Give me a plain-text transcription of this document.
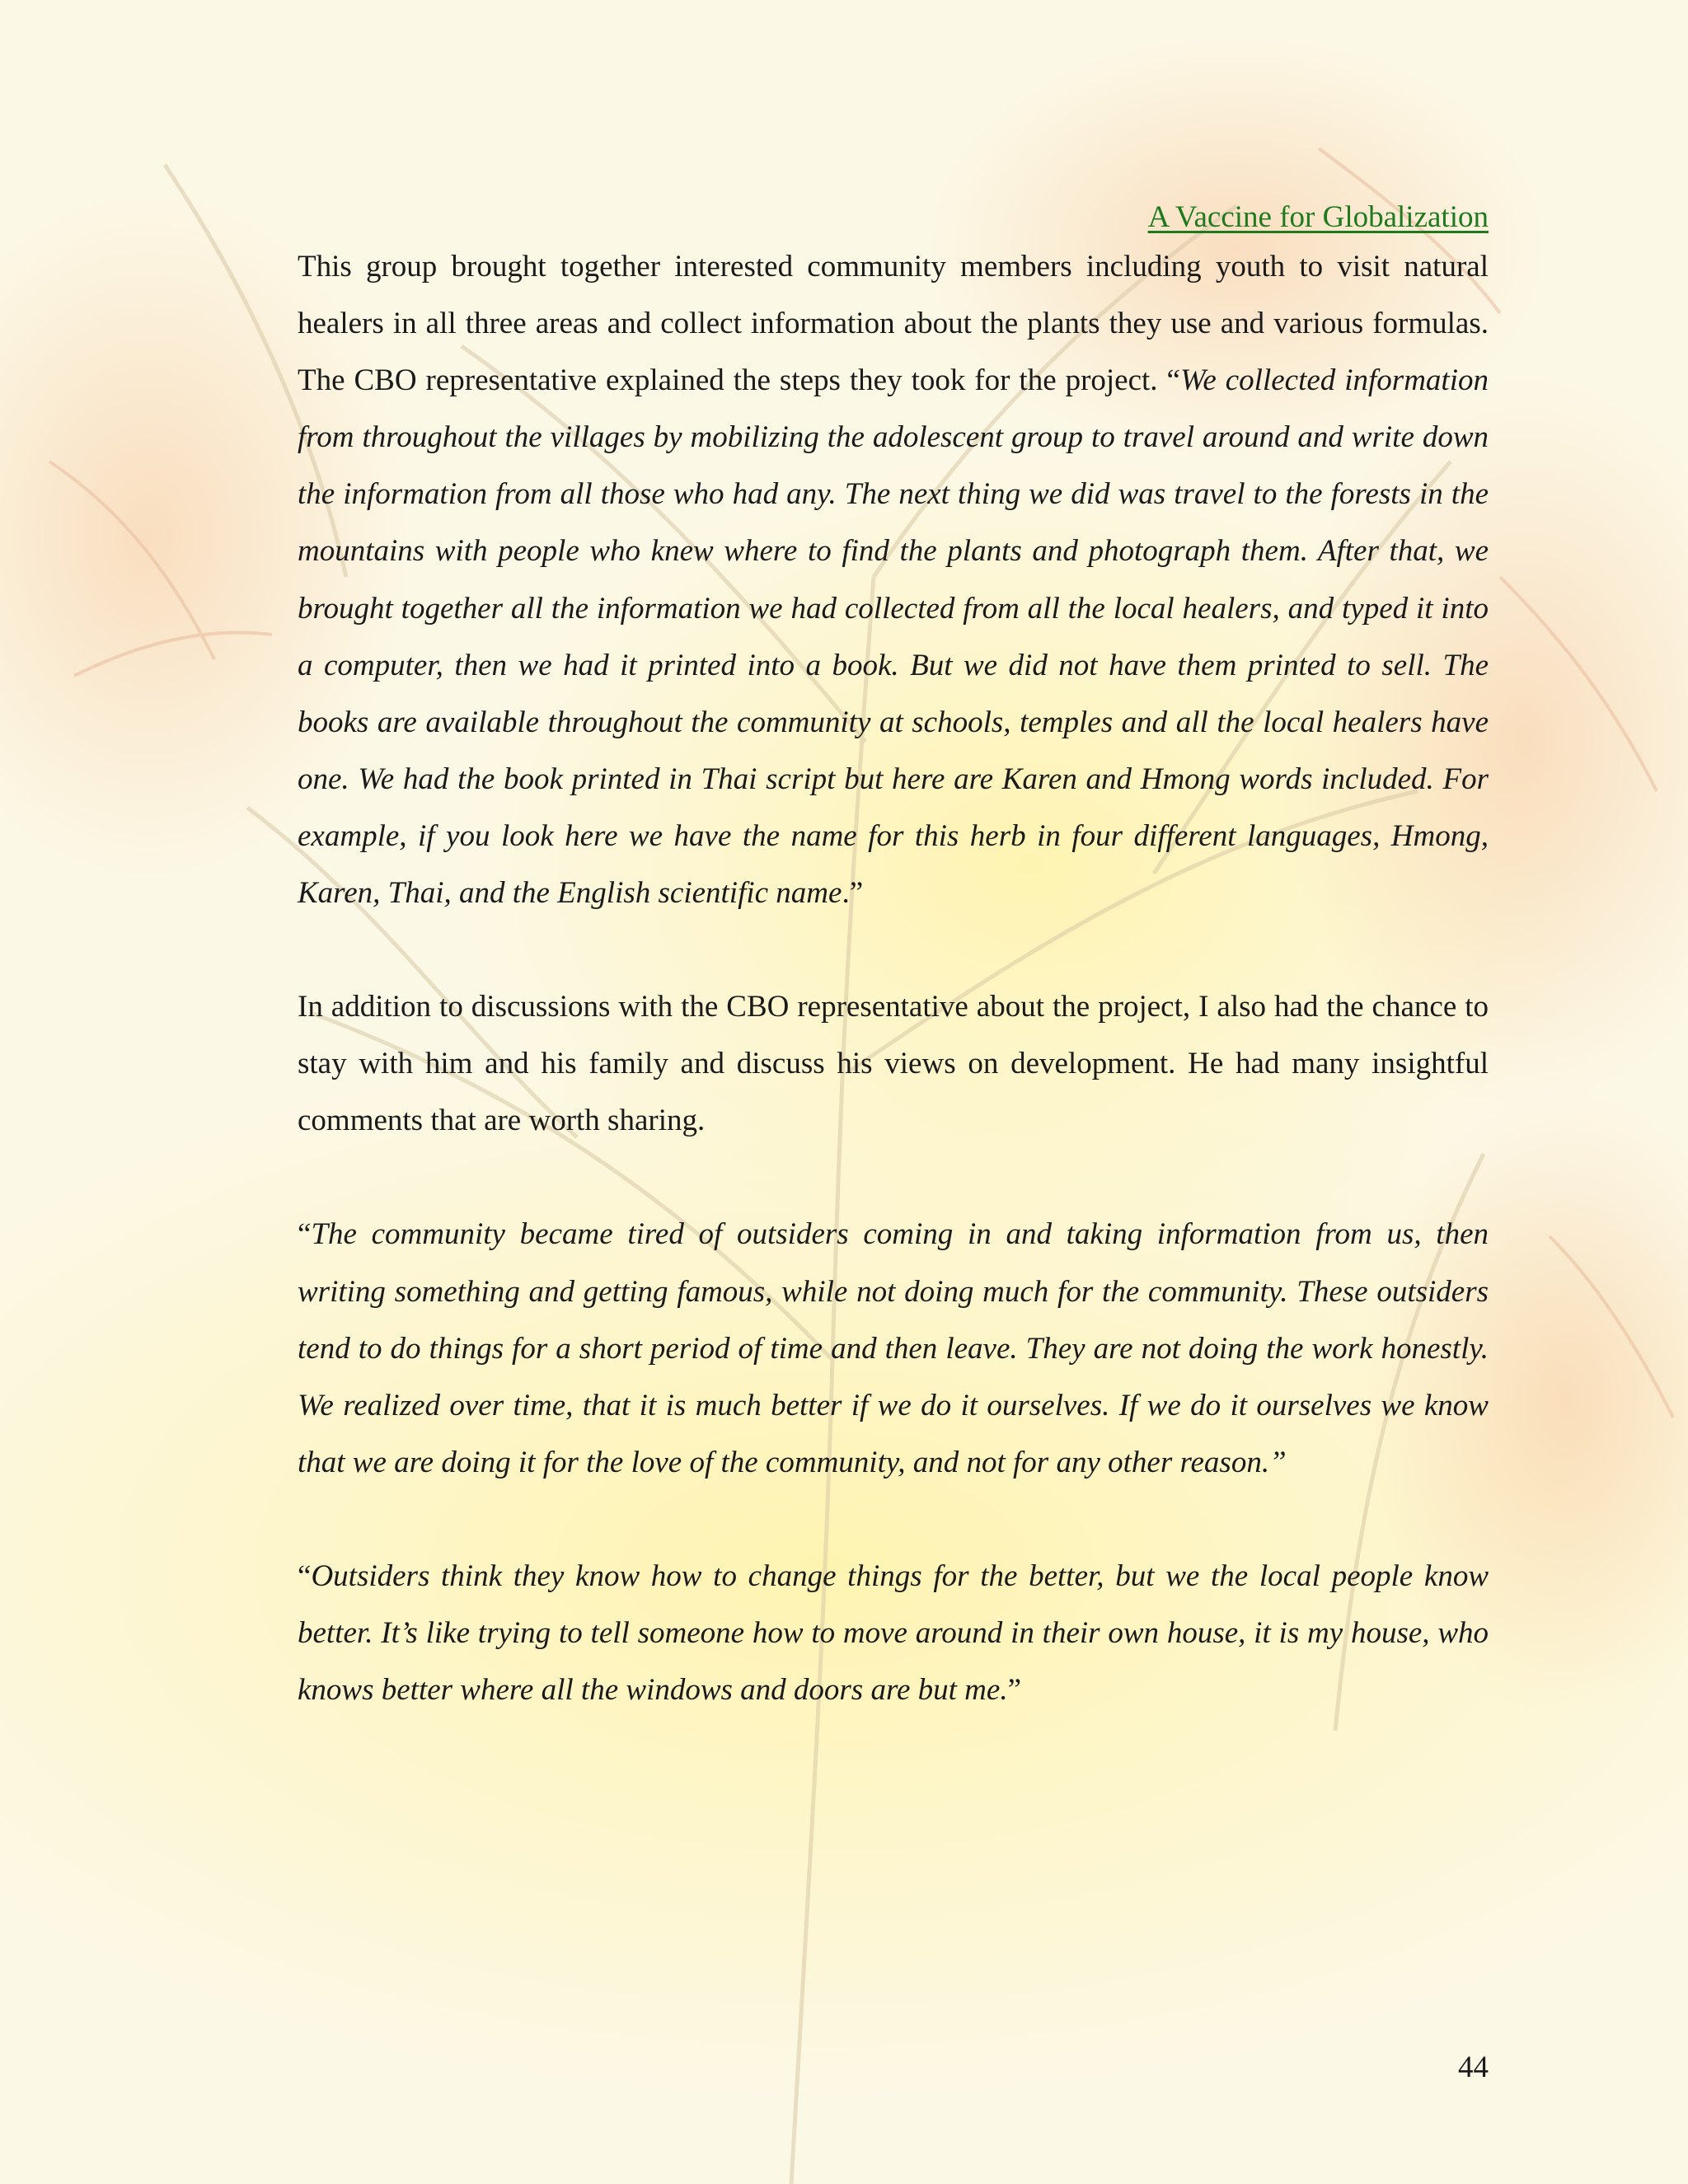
A Vaccine for Globalization

This group brought together interested community members including youth to visit natural healers in all three areas and collect information about the plants they use and various formulas. The CBO representative explained the steps they took for the project. “We collected information from throughout the villages by mobilizing the adolescent group to travel around and write down the information from all those who had any. The next thing we did was travel to the forests in the mountains with people who knew where to find the plants and photograph them. After that, we brought together all the information we had collected from all the local healers, and typed it into a computer, then we had it printed into a book. But we did not have them printed to sell. The books are available throughout the community at schools, temples and all the local healers have one. We had the book printed in Thai script but here are Karen and Hmong words included. For example, if you look here we have the name for this herb in four different languages, Hmong, Karen, Thai, and the English scientific name.”

In addition to discussions with the CBO representative about the project, I also had the chance to stay with him and his family and discuss his views on development. He had many insightful comments that are worth sharing.

“The community became tired of outsiders coming in and taking information from us, then writing something and getting famous, while not doing much for the community. These outsiders tend to do things for a short period of time and then leave. They are not doing the work honestly. We realized over time, that it is much better if we do it ourselves. If we do it ourselves we know that we are doing it for the love of the community, and not for any other reason.”

“Outsiders think they know how to change things for the better, but we the local people know better. It’s like trying to tell someone how to move around in their own house, it is my house, who knows better where all the windows and doors are but me.”

44
